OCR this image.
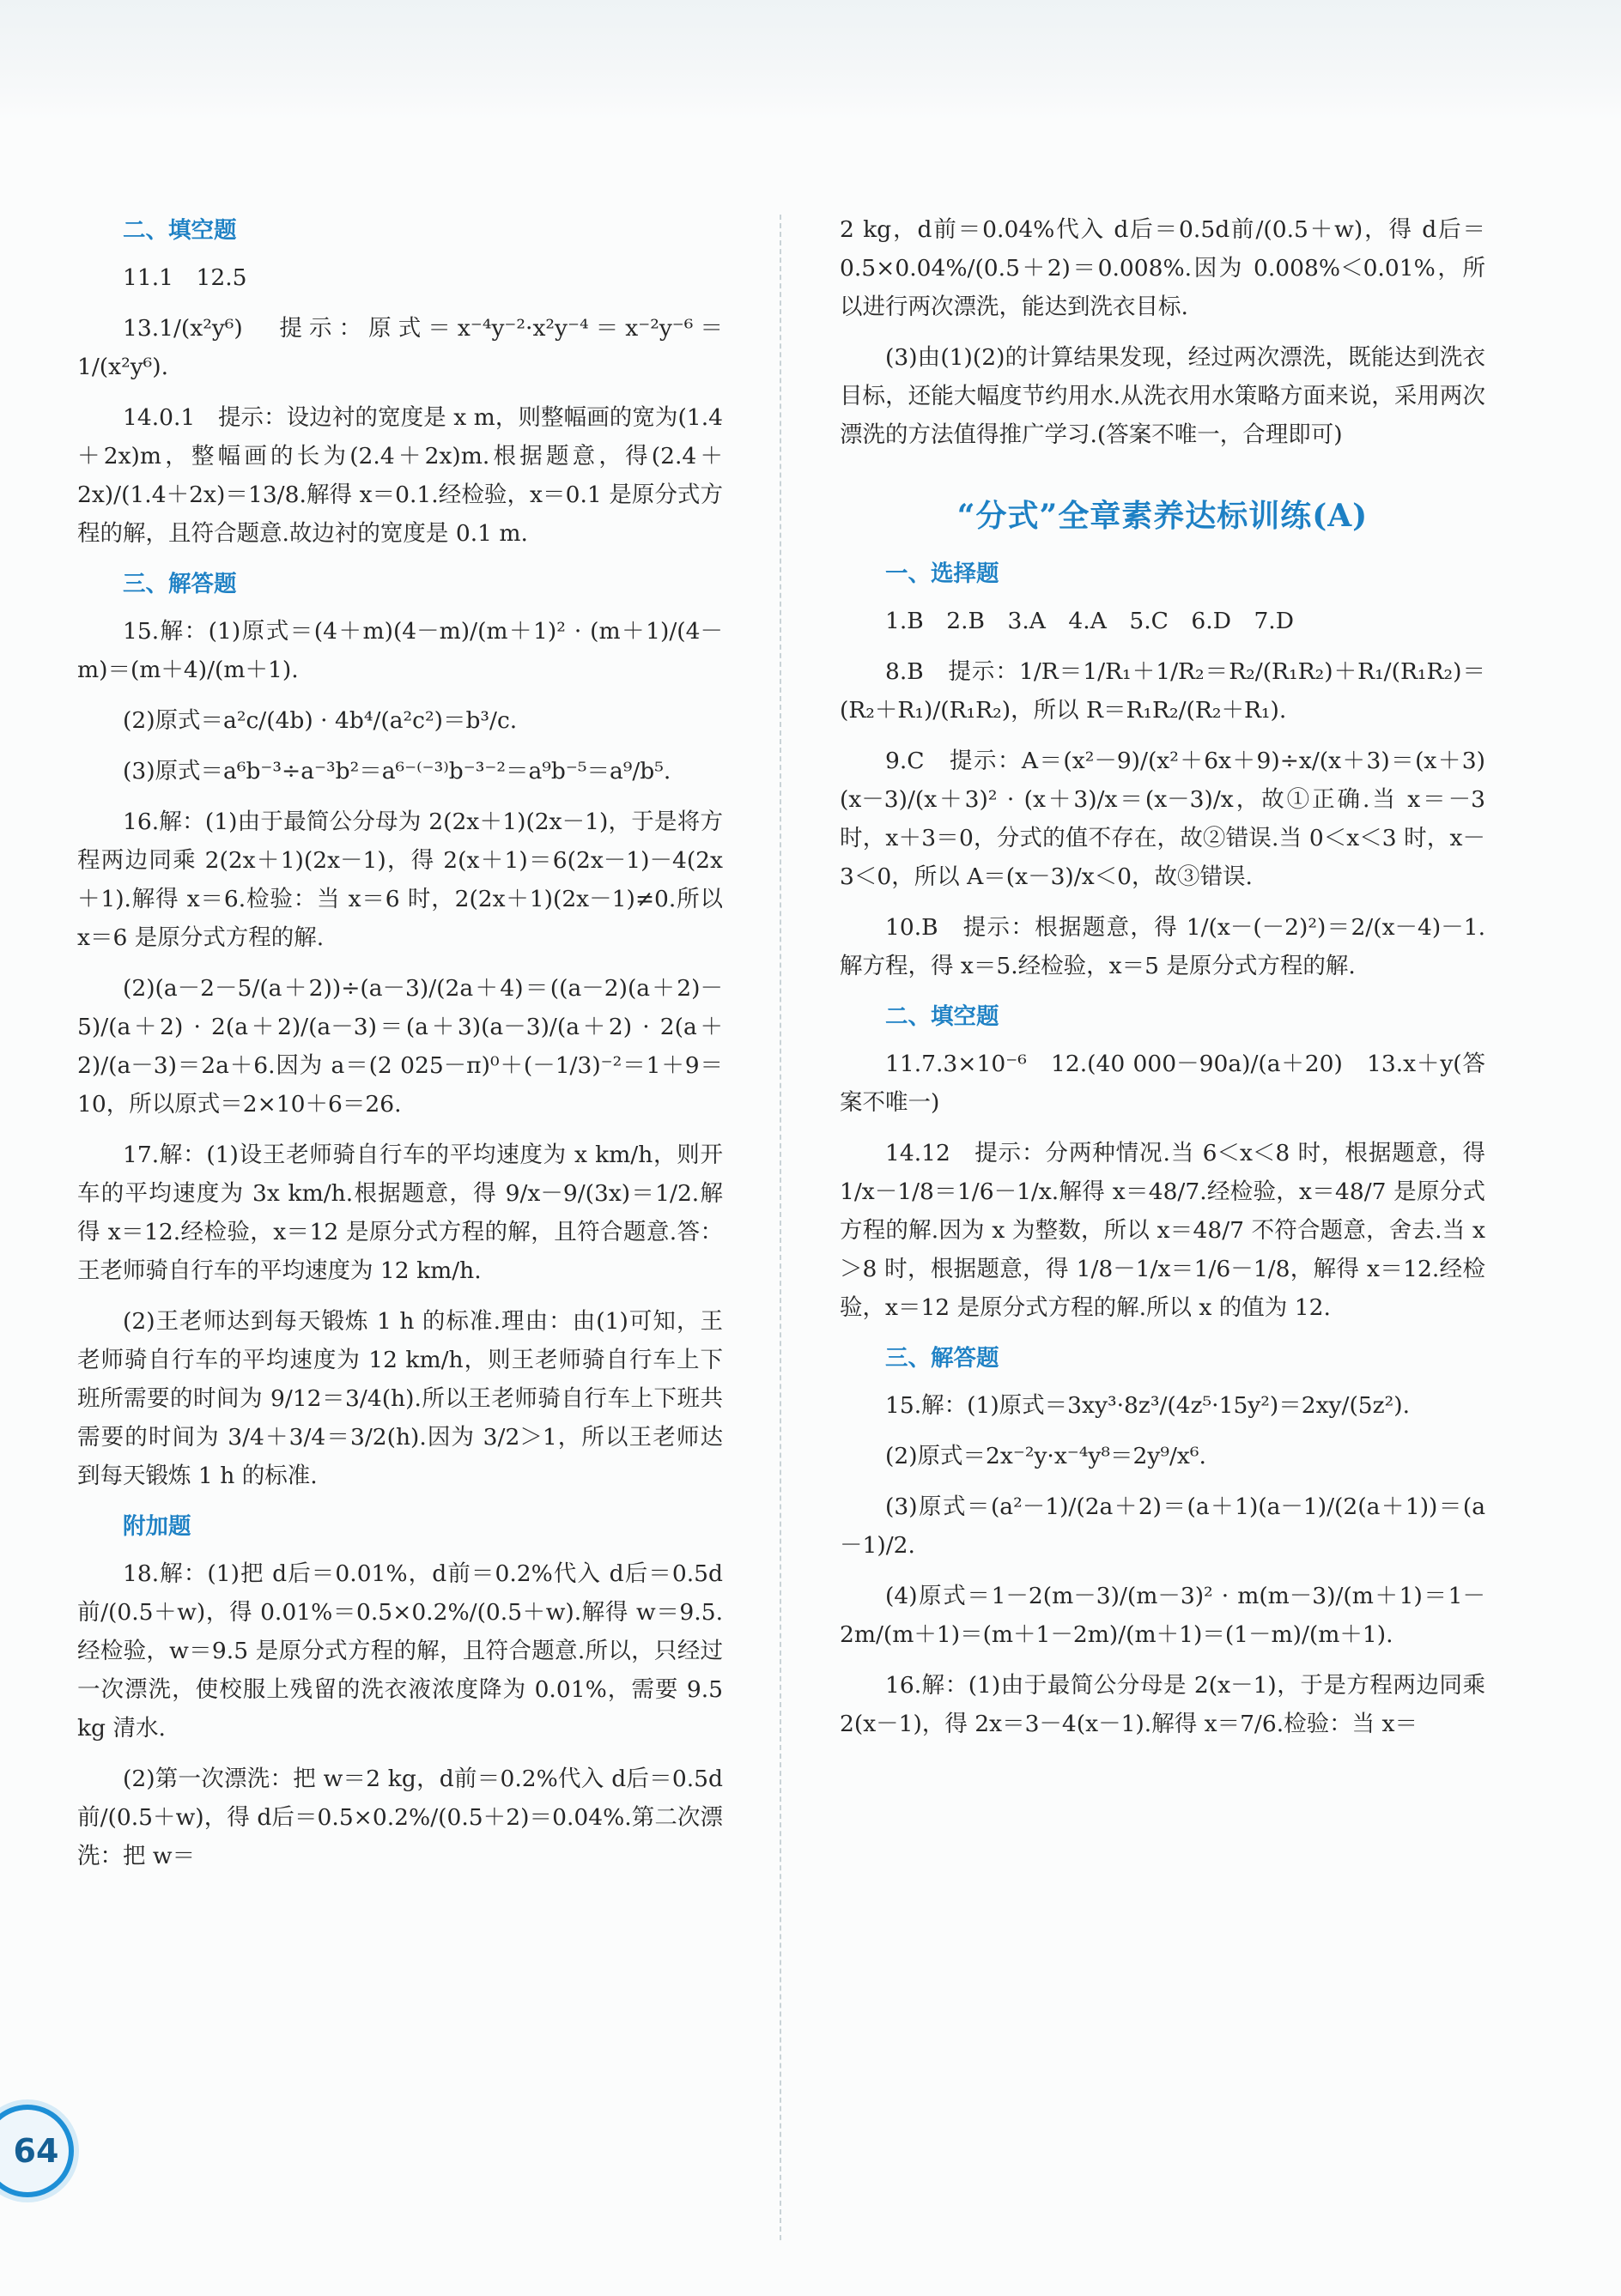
二、填空题

11.1　12.5

13.1/(x²y⁶)　提示：原式＝x⁻⁴y⁻²·x²y⁻⁴＝x⁻²y⁻⁶＝1/(x²y⁶).

14.0.1　提示：设边衬的宽度是 x m，则整幅画的宽为(1.4＋2x)m，整幅画的长为(2.4＋2x)m.根据题意，得(2.4＋2x)/(1.4＋2x)＝13/8.解得 x＝0.1.经检验，x＝0.1 是原分式方程的解，且符合题意.故边衬的宽度是 0.1 m.

三、解答题

15.解：(1)原式＝(4＋m)(4－m)/(m＋1)² · (m＋1)/(4－m)＝(m＋4)/(m＋1).

(2)原式＝a²c/(4b) · 4b⁴/(a²c²)＝b³/c.

(3)原式＝a⁶b⁻³÷a⁻³b²＝a⁶⁻⁽⁻³⁾b⁻³⁻²＝a⁹b⁻⁵＝a⁹/b⁵.

16.解：(1)由于最简公分母为 2(2x＋1)(2x－1)，于是将方程两边同乘 2(2x＋1)(2x－1)，得 2(x＋1)＝6(2x－1)－4(2x＋1).解得 x＝6.检验：当 x＝6 时，2(2x＋1)(2x－1)≠0.所以 x＝6 是原分式方程的解.

(2)(a－2－5/(a＋2))÷(a－3)/(2a＋4)＝((a－2)(a＋2)－5)/(a＋2) · 2(a＋2)/(a－3)＝(a＋3)(a－3)/(a＋2) · 2(a＋2)/(a－3)＝2a＋6.因为 a＝(2 025－π)⁰＋(－1/3)⁻²＝1＋9＝10，所以原式＝2×10＋6＝26.

17.解：(1)设王老师骑自行车的平均速度为 x km/h，则开车的平均速度为 3x km/h.根据题意，得 9/x－9/(3x)＝1/2.解得 x＝12.经检验，x＝12 是原分式方程的解，且符合题意.答：王老师骑自行车的平均速度为 12 km/h.

(2)王老师达到每天锻炼 1 h 的标准.理由：由(1)可知，王老师骑自行车的平均速度为 12 km/h，则王老师骑自行车上下班所需要的时间为 9/12＝3/4(h).所以王老师骑自行车上下班共需要的时间为 3/4＋3/4＝3/2(h).因为 3/2＞1，所以王老师达到每天锻炼 1 h 的标准.

附加题

18.解：(1)把 d后＝0.01%，d前＝0.2%代入 d后＝0.5d前/(0.5＋w)，得 0.01%＝0.5×0.2%/(0.5＋w).解得 w＝9.5.经检验，w＝9.5 是原分式方程的解，且符合题意.所以，只经过一次漂洗，使校服上残留的洗衣液浓度降为 0.01%，需要 9.5 kg 清水.

(2)第一次漂洗：把 w＝2 kg，d前＝0.2%代入 d后＝0.5d前/(0.5＋w)，得 d后＝0.5×0.2%/(0.5＋2)＝0.04%.第二次漂洗：把 w＝

2 kg，d前＝0.04%代入 d后＝0.5d前/(0.5＋w)，得 d后＝0.5×0.04%/(0.5＋2)＝0.008%.因为 0.008%＜0.01%，所以进行两次漂洗，能达到洗衣目标.

(3)由(1)(2)的计算结果发现，经过两次漂洗，既能达到洗衣目标，还能大幅度节约用水.从洗衣用水策略方面来说，采用两次漂洗的方法值得推广学习.(答案不唯一，合理即可)

“分式”全章素养达标训练(A)
一、选择题

1.B　2.B　3.A　4.A　5.C　6.D　7.D

8.B　提示：1/R＝1/R₁＋1/R₂＝R₂/(R₁R₂)＋R₁/(R₁R₂)＝(R₂＋R₁)/(R₁R₂)，所以 R＝R₁R₂/(R₂＋R₁).

9.C　提示：A＝(x²－9)/(x²＋6x＋9)÷x/(x＋3)＝(x＋3)(x－3)/(x＋3)² · (x＋3)/x＝(x－3)/x，故①正确.当 x＝－3 时，x＋3＝0，分式的值不存在，故②错误.当 0＜x＜3 时，x－3＜0，所以 A＝(x－3)/x＜0，故③错误.

10.B　提示：根据题意，得 1/(x－(－2)²)＝2/(x－4)－1.解方程，得 x＝5.经检验，x＝5 是原分式方程的解.

二、填空题

11.7.3×10⁻⁶　12.(40 000－90a)/(a＋20)　13.x＋y(答案不唯一)

14.12　提示：分两种情况.当 6＜x＜8 时，根据题意，得 1/x－1/8＝1/6－1/x.解得 x＝48/7.经检验，x＝48/7 是原分式方程的解.因为 x 为整数，所以 x＝48/7 不符合题意，舍去.当 x＞8 时，根据题意，得 1/8－1/x＝1/6－1/8，解得 x＝12.经检验，x＝12 是原分式方程的解.所以 x 的值为 12.

三、解答题

15.解：(1)原式＝3xy³·8z³/(4z⁵·15y²)＝2xy/(5z²).

(2)原式＝2x⁻²y·x⁻⁴y⁸＝2y⁹/x⁶.

(3)原式＝(a²－1)/(2a＋2)＝(a＋1)(a－1)/(2(a＋1))＝(a－1)/2.

(4)原式＝1－2(m－3)/(m－3)² · m(m－3)/(m＋1)＝1－2m/(m＋1)＝(m＋1－2m)/(m＋1)＝(1－m)/(m＋1).

16.解：(1)由于最简公分母是 2(x－1)，于是方程两边同乘 2(x－1)，得 2x＝3－4(x－1).解得 x＝7/6.检验：当 x＝

64
